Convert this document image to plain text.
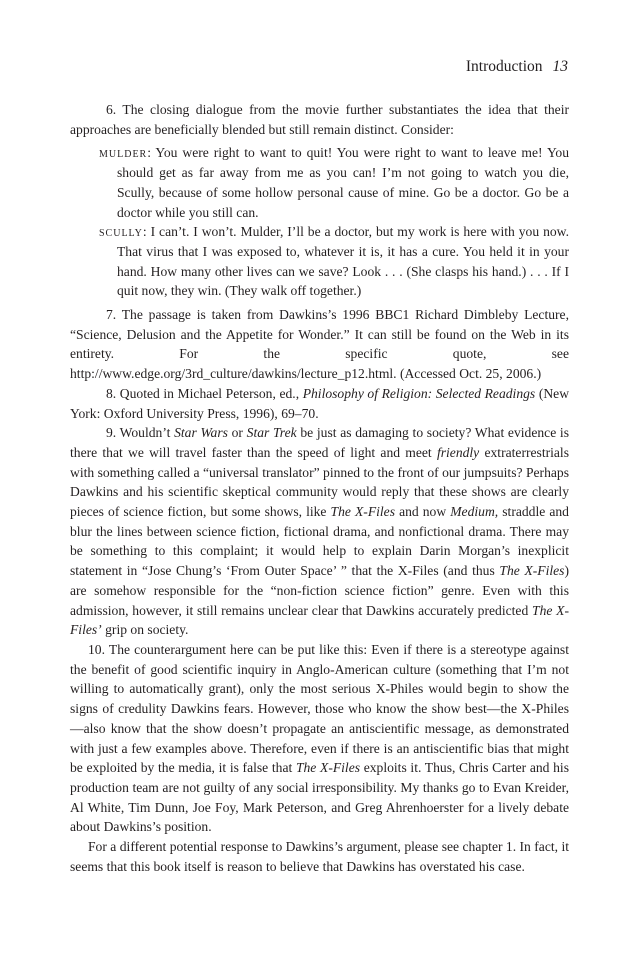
Introduction 13

6. The closing dialogue from the movie further substantiates the idea that their approaches are beneficially blended but still remain distinct. Consider:

mulder: You were right to want to quit! You were right to want to leave me! You should get as far away from me as you can! I’m not going to watch you die, Scully, because of some hollow personal cause of mine. Go be a doctor. Go be a doctor while you still can.

scully: I can’t. I won’t. Mulder, I’ll be a doctor, but my work is here with you now. That virus that I was exposed to, whatever it is, it has a cure. You held it in your hand. How many other lives can we save? Look . . . (She clasps his hand.) . . . If I quit now, they win. (They walk off together.)

7. The passage is taken from Dawkins’s 1996 BBC1 Richard Dimbleby Lecture, “Science, Delusion and the Appetite for Wonder.” It can still be found on the Web in its entirety. For the specific quote, see http://www.edge.org/3rd_culture/dawkins/lecture_p12.html. (Accessed Oct. 25, 2006.)

8. Quoted in Michael Peterson, ed., Philosophy of Religion: Selected Readings (New York: Oxford University Press, 1996), 69–70.

9. Wouldn’t Star Wars or Star Trek be just as damaging to society? What evidence is there that we will travel faster than the speed of light and meet friendly extraterrestrials with something called a “universal translator” pinned to the front of our jumpsuits? Perhaps Dawkins and his scientific skeptical community would reply that these shows are clearly pieces of science fiction, but some shows, like The X-Files and now Medium, straddle and blur the lines between science fiction, fictional drama, and nonfictional drama. There may be something to this complaint; it would help to explain Darin Morgan’s inexplicit statement in “Jose Chung’s ‘From Outer Space’ ” that the X-Files (and thus The X-Files) are somehow responsible for the “non-fiction science fiction” genre. Even with this admission, however, it still remains unclear clear that Dawkins accurately predicted The X-Files’ grip on society.

10. The counterargument here can be put like this: Even if there is a stereotype against the benefit of good scientific inquiry in Anglo-American culture (something that I’m not willing to automatically grant), only the most serious X-Philes would begin to show the signs of credulity Dawkins fears. However, those who know the show best—the X-Philes—also know that the show doesn’t propagate an antiscientific message, as demonstrated with just a few examples above. Therefore, even if there is an antiscientific bias that might be exploited by the media, it is false that The X-Files exploits it. Thus, Chris Carter and his production team are not guilty of any social irresponsibility. My thanks go to Evan Kreider, Al White, Tim Dunn, Joe Foy, Mark Peterson, and Greg Ahrenhoerster for a lively debate about Dawkins’s position.

For a different potential response to Dawkins’s argument, please see chapter 1. In fact, it seems that this book itself is reason to believe that Dawkins has overstated his case.
